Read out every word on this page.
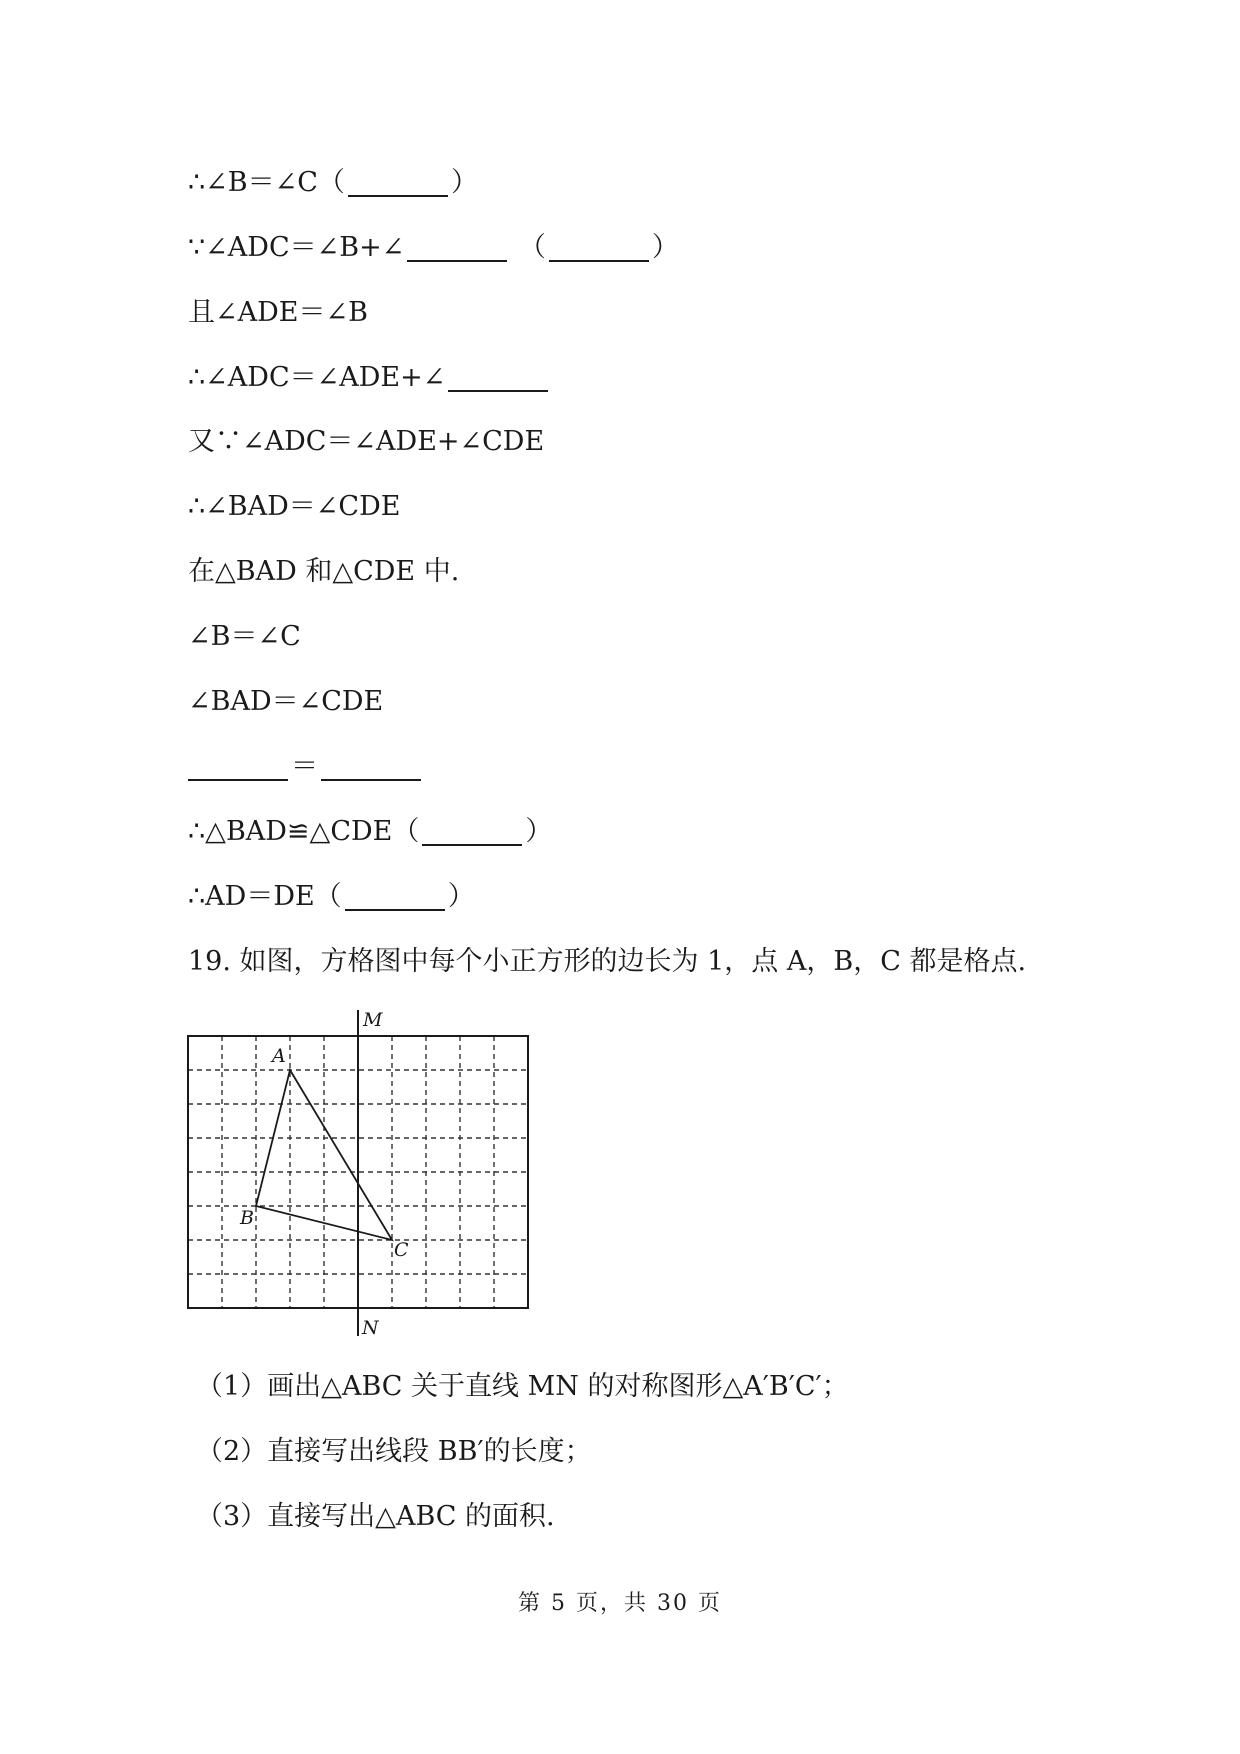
∴∠B＝∠C（	）
∵∠ADC＝∠B+∠	（	）
且∠ADE＝∠B
∴∠ADC＝∠ADE+∠
又∵∠ADC＝∠ADE+∠CDE
∴∠BAD＝∠CDE
在△BAD 和△CDE 中.
∠B＝∠C
∠BAD＝∠CDE
＝
∴△BAD≌△CDE（	）
∴AD＝DE（	）
19. 如图，方格图中每个小正方形的边长为 1，点 A，B，C 都是格点.
M
N
A
B
C
（1）画出△ABC 关于直线 MN 的对称图形△A′B′C′；
（2）直接写出线段 BB′的长度；
（3）直接写出△ABC 的面积.
第 5 页，共 30 页
